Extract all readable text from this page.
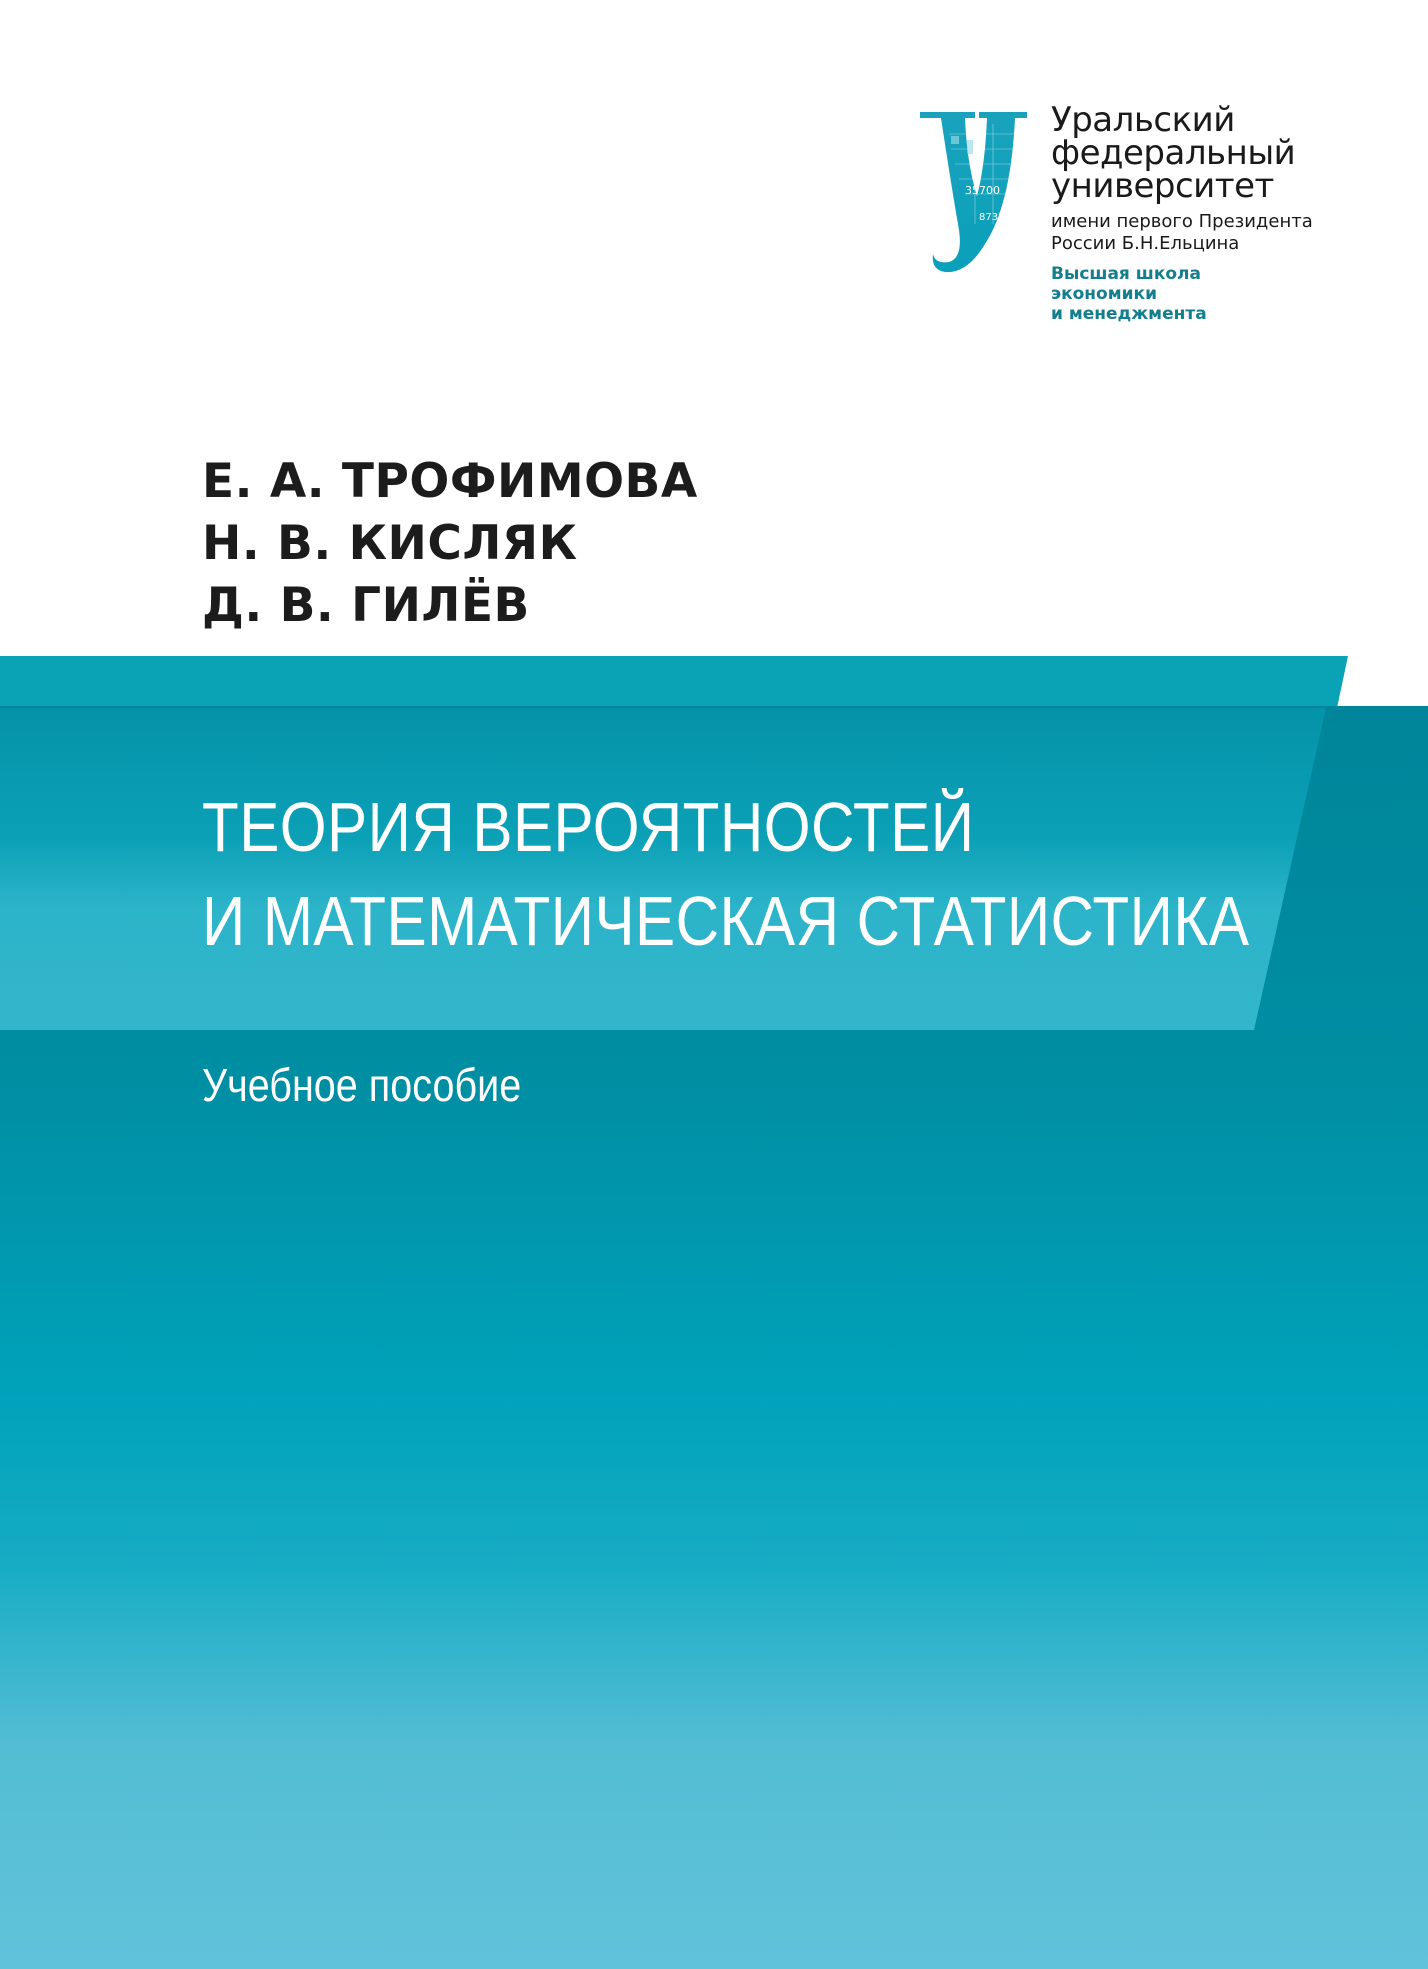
35700
8732
Уральский
федеральный
университет
имени первого Президента
России Б.Н.Ельцина
Высшая школа
экономики
и менеджмента
Е. А. ТРОФИМОВА
Н. В. КИСЛЯК
Д. В. ГИЛЁВ
ТЕОРИЯ ВЕРОЯТНОСТЕЙ
И МАТЕМАТИЧЕСКАЯ СТАТИСТИКА
Учебное пособие
